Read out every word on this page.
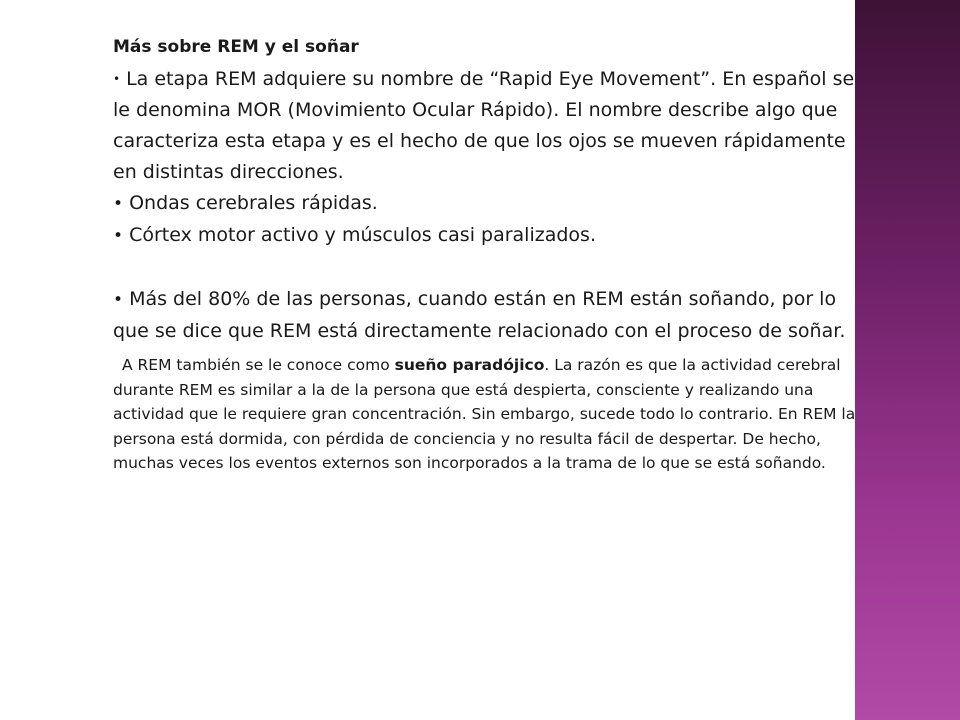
Más sobre REM y el soñar
• La etapa REM adquiere su nombre de “Rapid Eye Movement”. En español se le denomina MOR (Movimiento Ocular Rápido). El nombre describe algo que caracteriza esta etapa y es el hecho de que los ojos se mueven rápidamente en distintas direcciones.
• Ondas cerebrales rápidas.
• Córtex motor activo y músculos casi paralizados.
• Más del 80% de las personas, cuando están en REM están soñando, por lo que se dice que REM está directamente relacionado con el proceso de soñar.
A REM también se le conoce como sueño paradójico. La razón es que la actividad cerebral durante REM es similar a la de la persona que está despierta, consciente y realizando una actividad que le requiere gran concentración. Sin embargo, sucede todo lo contrario. En REM la persona está dormida, con pérdida de conciencia y no resulta fácil de despertar. De hecho, muchas veces los eventos externos son incorporados a la trama de lo que se está soñando.
